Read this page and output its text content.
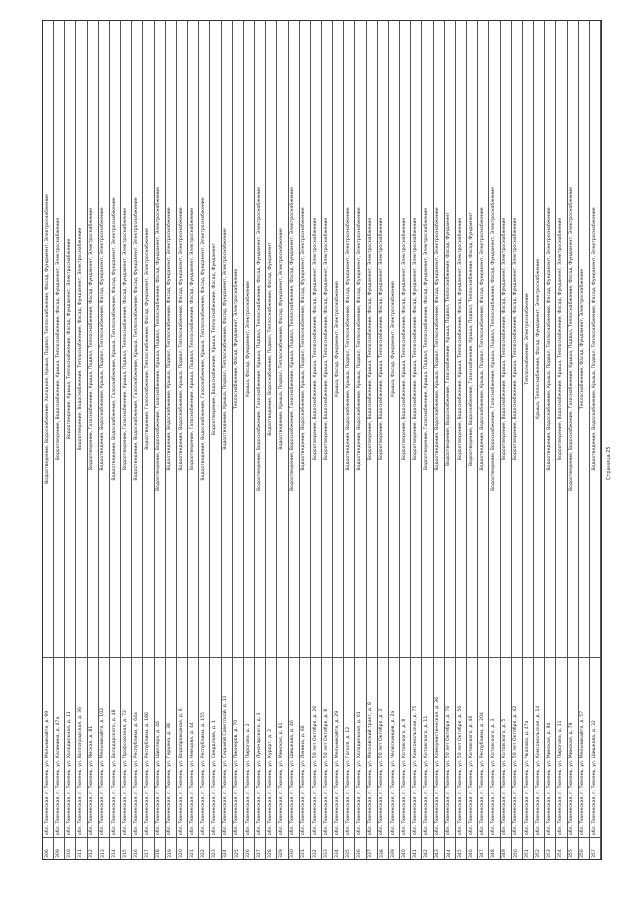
306
обл. Тюменская, г. Тюмень, ул. Мельникайте, д. 99
Водоотведение, Водоснабжение, Холодное, Крыша, Подвал, Теплоснабжение, Фасад, Фундамент, Электроснабжение
309
обл. Тюменская, г. Тюмень, ул. Калинина, д. 47а
Водоотведение, Водоснабжение, Крыша, Теплоснабжение, Фасад, Фундамент, Электроснабжение
310
обл. Тюменская, г. Тюмень, ул. Холодильная, д. 11
Водоотведение, Крыша, Теплоснабжение, Фасад, Фундамент, Электроснабжение
311
обл. Тюменская, г. Тюмень, ул. Волгоградская, д. 36
Водоотведение, Водоснабжение, Теплоснабжение, Фасад, Фундамент, Электроснабжение
312
обл. Тюменская, г. Тюмень, ул. Ямская, д. 81
Водоотведение, Газоснабжение, Крыша, Подвал, Теплоснабжение, Фасад, Фундамент, Электроснабжение
313
обл. Тюменская, г. Тюмень, ул. Мельникайте, д. 102
Водоотведение, Водоснабжение, Крыша, Подвал, Теплоснабжение, Фасад, Фундамент, Электроснабжение
314
обл. Тюменская, г. Тюмень, ул. Володарского, д. 48
Водоотведение, Водоснабжение, Газоснабжение, Крыша, Теплоснабжение, Фасад, Фундамент, Электроснабжение
315
обл. Тюменская, г. Тюмень, ул. Профсоюзная, д. 72
Водоотведение, Газоснабжение, Крыша, Подвал, Теплоснабжение, Фасад, Фундамент, Электроснабжение
316
обл. Тюменская, г. Тюмень, ул. Республики, д. 64а
Водоотведение, Водоснабжение, Газоснабжение, Крыша, Теплоснабжение, Фасад, Фундамент, Электроснабжение
317
обл. Тюменская, г. Тюмень, ул. Республики, д. 186
Водоотведение, Газоснабжение, Теплоснабжение, Фасад, Фундамент, Электроснабжение
318
обл. Тюменская, г. Тюмень, ул. Шиллера, д. 46
Водоотведение, Водоснабжение, Газоснабжение, Крыша, Подвал, Теплоснабжение, Фасад, Фундамент, Электроснабжение
319
обл. Тюменская, г. Тюмень, ул. Герцена, д. 38
Водоотведение, Водоснабжение, Крыша, Подвал, Теплоснабжение, Фасад, Фундамент, Электроснабжение
320
обл. Тюменская, г. Тюмень, ул. Водопроводная, д. 6
Водоотведение, Водоснабжение, Крыша, Подвал, Теплоснабжение, Фасад, Фундамент, Электроснабжение
321
обл. Тюменская, г. Тюмень, ул. Немцова, д. 44
Водоотведение, Газоснабжение, Крыша, Подвал, Теплоснабжение, Фасад, Фундамент, Электроснабжение
322
обл. Тюменская, г. Тюмень, ул. Республики, д. 155
Водоотведение, Водоснабжение, Газоснабжение, Крыша, Теплоснабжение, Фасад, Фундамент, Электроснабжение
323
обл. Тюменская, г. Тюмень, ул. Свердлова, д. 1
Водоотведение, Водоснабжение, Крыша, Теплоснабжение, Фасад, Фундамент
324
обл. Тюменская, г. Тюмень, ул. Седьмой Советской, д. 11
Водоотведение, Крыша, Подвал, Теплоснабжение, Фасад, Фундамент, Электроснабжение
325
обл. Тюменская, г. Тюмень, ул. Пионеров, д. 70
Теплоснабжение, Фасад, Фундамент, Электроснабжение
326
обл. Тюменская, г. Тюмень, ул. Пирогова, д. 2
Крыша, Фасад, Фундамент, Электроснабжение
327
обл. Тюменская, г. Тюмень, ул. Луначарского, д. 3
Водоотведение, Водоснабжение, Газоснабжение, Крыша, Подвал, Теплоснабжение, Фасад, Фундамент, Электроснабжение
328
обл. Тюменская, г. Тюмень, ул. Курорт, д. 2
Водоотведение, Водоснабжение, Подвал, Теплоснабжение, Фасад, Фундамент
329
обл. Тюменская, г. Тюмень, ул. Минская, д. 81
Водоотведение, Крыша, Подвал, Теплоснабжение, Фасад, Фундамент, Электроснабжение
330
обл. Тюменская, г. Тюмень, ул. Шишкова, д. 46
Водоотведение, Водоснабжение, Газоснабжение, Крыша, Подвал, Теплоснабжение, Фасад, Фундамент, Электроснабжение
331
обл. Тюменская, г. Тюмень, ул. Ленина, д. 66
Водоотведение, Водоснабжение, Крыша, Подвал, Теплоснабжение, Фасад, Фундамент, Электроснабжение
332
обл. Тюменская, г. Тюмень, ул. 50 лет Октября, д. 26
Водоотведение, Водоснабжение, Крыша, Теплоснабжение, Фасад, Фундамент, Электроснабжение
333
обл. Тюменская, г. Тюмень, ул. 50 лет Октября, д. 8
Водоотведение, Водоснабжение, Крыша, Теплоснабжение, Фасад, Фундамент, Электроснабжение
334
обл. Тюменская, г. Тюмень, ул. Мельникайте, д. 29
Крыша, Фасад, Фундамент, Электроснабжение
335
обл. Тюменская, г. Тюмень, ул. Гоголя, д. 12
Водоотведение, Водоснабжение, Крыша, Подвал, Теплоснабжение, Фасад, Фундамент, Электроснабжение
336
обл. Тюменская, г. Тюмень, ул. Холодильная, д. 61
Водоотведение, Водоснабжение, Крыша, Подвал, Теплоснабжение, Фасад, Фундамент, Электроснабжение
337
обл. Тюменская, г. Тюмень, ул. Московский тракт, д. 8
Водоотведение, Водоснабжение, Крыша, Теплоснабжение, Фасад, Фундамент, Электроснабжение
338
обл. Тюменская, г. Тюмень, ул. 50 лет Октября, д. 3
Водоотведение, Водоснабжение, Крыша, Теплоснабжение, Фасад, Фундамент, Электроснабжение
339
обл. Тюменская, г. Тюмень, ул. Челюскинцев, д. 2а
Крыша, Фасад, Фундамент, Электроснабжение
340
обл. Тюменская, г. Тюмень, ул. Котовского, д. 8
Водоотведение, Водоснабжение, Крыша, Теплоснабжение, Фасад, Фундамент, Электроснабжение
341
обл. Тюменская, г. Тюмень, ул. Комсомольская, д. 75
Водоотведение, Водоснабжение, Крыша, Теплоснабжение, Фасад, Фундамент, Электроснабжение
342
обл. Тюменская, г. Тюмень, ул. Котовского, д. 11
Водоотведение, Газоснабжение, Крыша, Подвал, Теплоснабжение, Фасад, Фундамент, Электроснабжение
343
обл. Тюменская, г. Тюмень, ул. Коммунистическая, д. 36
Водоотведение, Водоснабжение, Крыша, Подвал, Теплоснабжение, Фасад, Фундамент, Электроснабжение
344
обл. Тюменская, г. Тюмень, ул. 50 лет Октября, д. 76
Водоотведение, Водоснабжение, Газоснабжение, Крыша, Подвал, Теплоснабжение, Фасад, Фундамент
345
обл. Тюменская, г. Тюмень, ул. 50 лет Октября, д. 56
Водоотведение, Водоснабжение, Крыша, Теплоснабжение, Фасад, Фундамент, Электроснабжение
346
обл. Тюменская, г. Тюмень, ул. Котовского, д. 46
Водоотведение, Водоснабжение, Газоснабжение, Крыша, Подвал, Теплоснабжение, Фасад, Фундамент
347
обл. Тюменская, г. Тюмень, ул. Республики, д. 204
Водоотведение, Водоснабжение, Крыша, Подвал, Теплоснабжение, Фасад, Фундамент, Электроснабжение
348
обл. Тюменская, г. Тюмень, ул. Котовского, д. 3
Водоотведение, Водоснабжение, Газоснабжение, Крыша, Подвал, Теплоснабжение, Фасад, Фундамент, Электроснабжение
349
обл. Тюменская, г. Тюмень, ул. Котовского, д. 5
Водоотведение, Водоснабжение, Крыша, Теплоснабжение, Фасад, Фундамент, Электроснабжение
350
обл. Тюменская, г. Тюмень, ул. 50 лет Октября, д. 42
Водоотведение, Водоснабжение, Крыша, Теплоснабжение, Фасад, Фундамент, Электроснабжение
351
обл. Тюменская, г. Тюмень, ул. Чкалова, д. 47а
Теплоснабжение, Электроснабжение
352
обл. Тюменская, г. Тюмень, ул. Комсомольская, д. 14
Крыша, Теплоснабжение, Фасад, Фундамент, Электроснабжение
353
обл. Тюменская, г. Тюмень, ул. Минская, д. 94
Водоотведение, Водоснабжение, Крыша, Подвал, Теплоснабжение, Фасад, Фундамент, Электроснабжение
354
обл. Тюменская, г. Тюмень, ул. Пирогова, д. 11
Водоотведение, Водоснабжение, Крыша, Теплоснабжение, Фасад, Фундамент, Электроснабжение
355
обл. Тюменская, г. Тюмень, ул. Минская, д. 79
Водоотведение, Водоснабжение, Газоснабжение, Крыша, Подвал, Теплоснабжение, Фасад, Фундамент, Электроснабжение
356
обл. Тюменская, г. Тюмень, ул. Мельникайте, д. 57
Теплоснабжение, Фасад, Фундамент, Электроснабжение
357
обл. Тюменская, г. Тюмень, ул. Шишкова, д. 32
Водоотведение, Водоснабжение, Крыша, Подвал, Теплоснабжение, Фасад, Фундамент, Электроснабжение	Страница 25
